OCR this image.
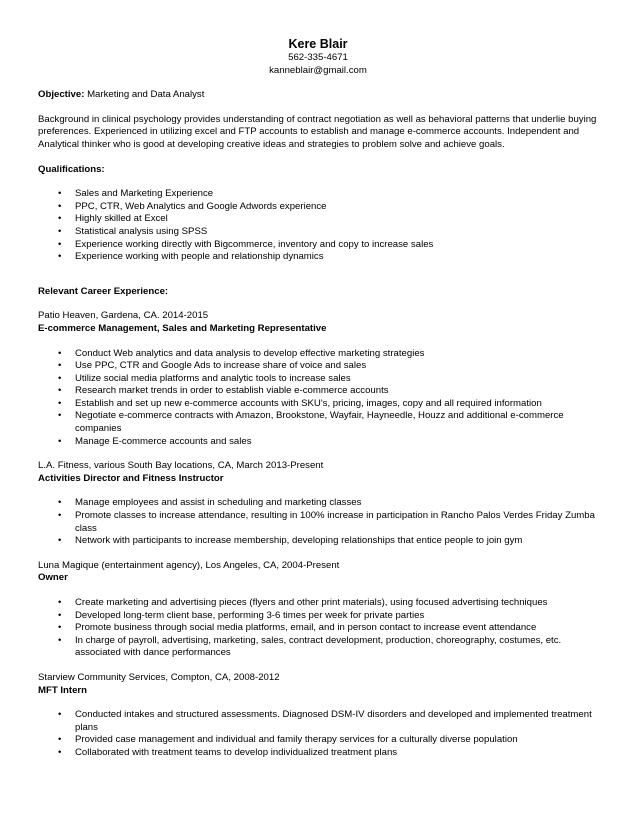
Kere Blair
562-335-4671
kanneblair@gmail.com

Objective: Marketing and Data Analyst

Background in clinical psychology provides understanding of contract negotiation as well as behavioral patterns that underlie buying preferences. Experienced in utilizing excel and FTP accounts to establish and manage e-commerce accounts. Independent and Analytical thinker who is good at developing creative ideas and strategies to problem solve and achieve goals.

Qualifications:

• Sales and Marketing Experience
• PPC, CTR, Web Analytics and Google Adwords experience
• Highly skilled at Excel
• Statistical analysis using SPSS
• Experience working directly with Bigcommerce, inventory and copy to increase sales
• Experience working with people and relationship dynamics

Relevant Career Experience:

Patio Heaven, Gardena, CA. 2014-2015

E-commerce Management, Sales and Marketing Representative

• Conduct Web analytics and data analysis to develop effective marketing strategies
• Use PPC, CTR and Google Ads to increase share of voice and sales
• Utilize social media platforms and analytic tools to increase sales
• Research market trends in order to establish viable e-commerce accounts
• Establish and set up new e-commerce accounts with SKU's, pricing, images, copy and all required information
• Negotiate e-commerce contracts with Amazon, Brookstone, Wayfair, Hayneedle, Houzz and additional e-commerce companies
• Manage E-commerce accounts and sales

L.A. Fitness, various South Bay locations, CA, March 2013-Present

Activities Director and Fitness Instructor

• Manage employees and assist in scheduling and marketing classes
• Promote classes to increase attendance, resulting in 100% increase in participation in Rancho Palos Verdes Friday Zumba class
• Network with participants to increase membership, developing relationships that entice people to join gym

Luna Magique (entertainment agency), Los Angeles, CA, 2004-Present

Owner

• Create marketing and advertising pieces (flyers and other print materials), using focused advertising techniques
• Developed long-term client base, performing 3-6 times per week for private parties
• Promote business through social media platforms, email, and in person contact to increase event attendance
• In charge of payroll, advertising, marketing, sales, contract development, production, choreography, costumes, etc. associated with dance performances

Starview Community Services, Compton, CA, 2008-2012

MFT Intern

• Conducted intakes and structured assessments. Diagnosed DSM-IV disorders and developed and implemented treatment plans
• Provided case management and individual and family therapy services for a culturally diverse population
• Collaborated with treatment teams to develop individualized treatment plans
